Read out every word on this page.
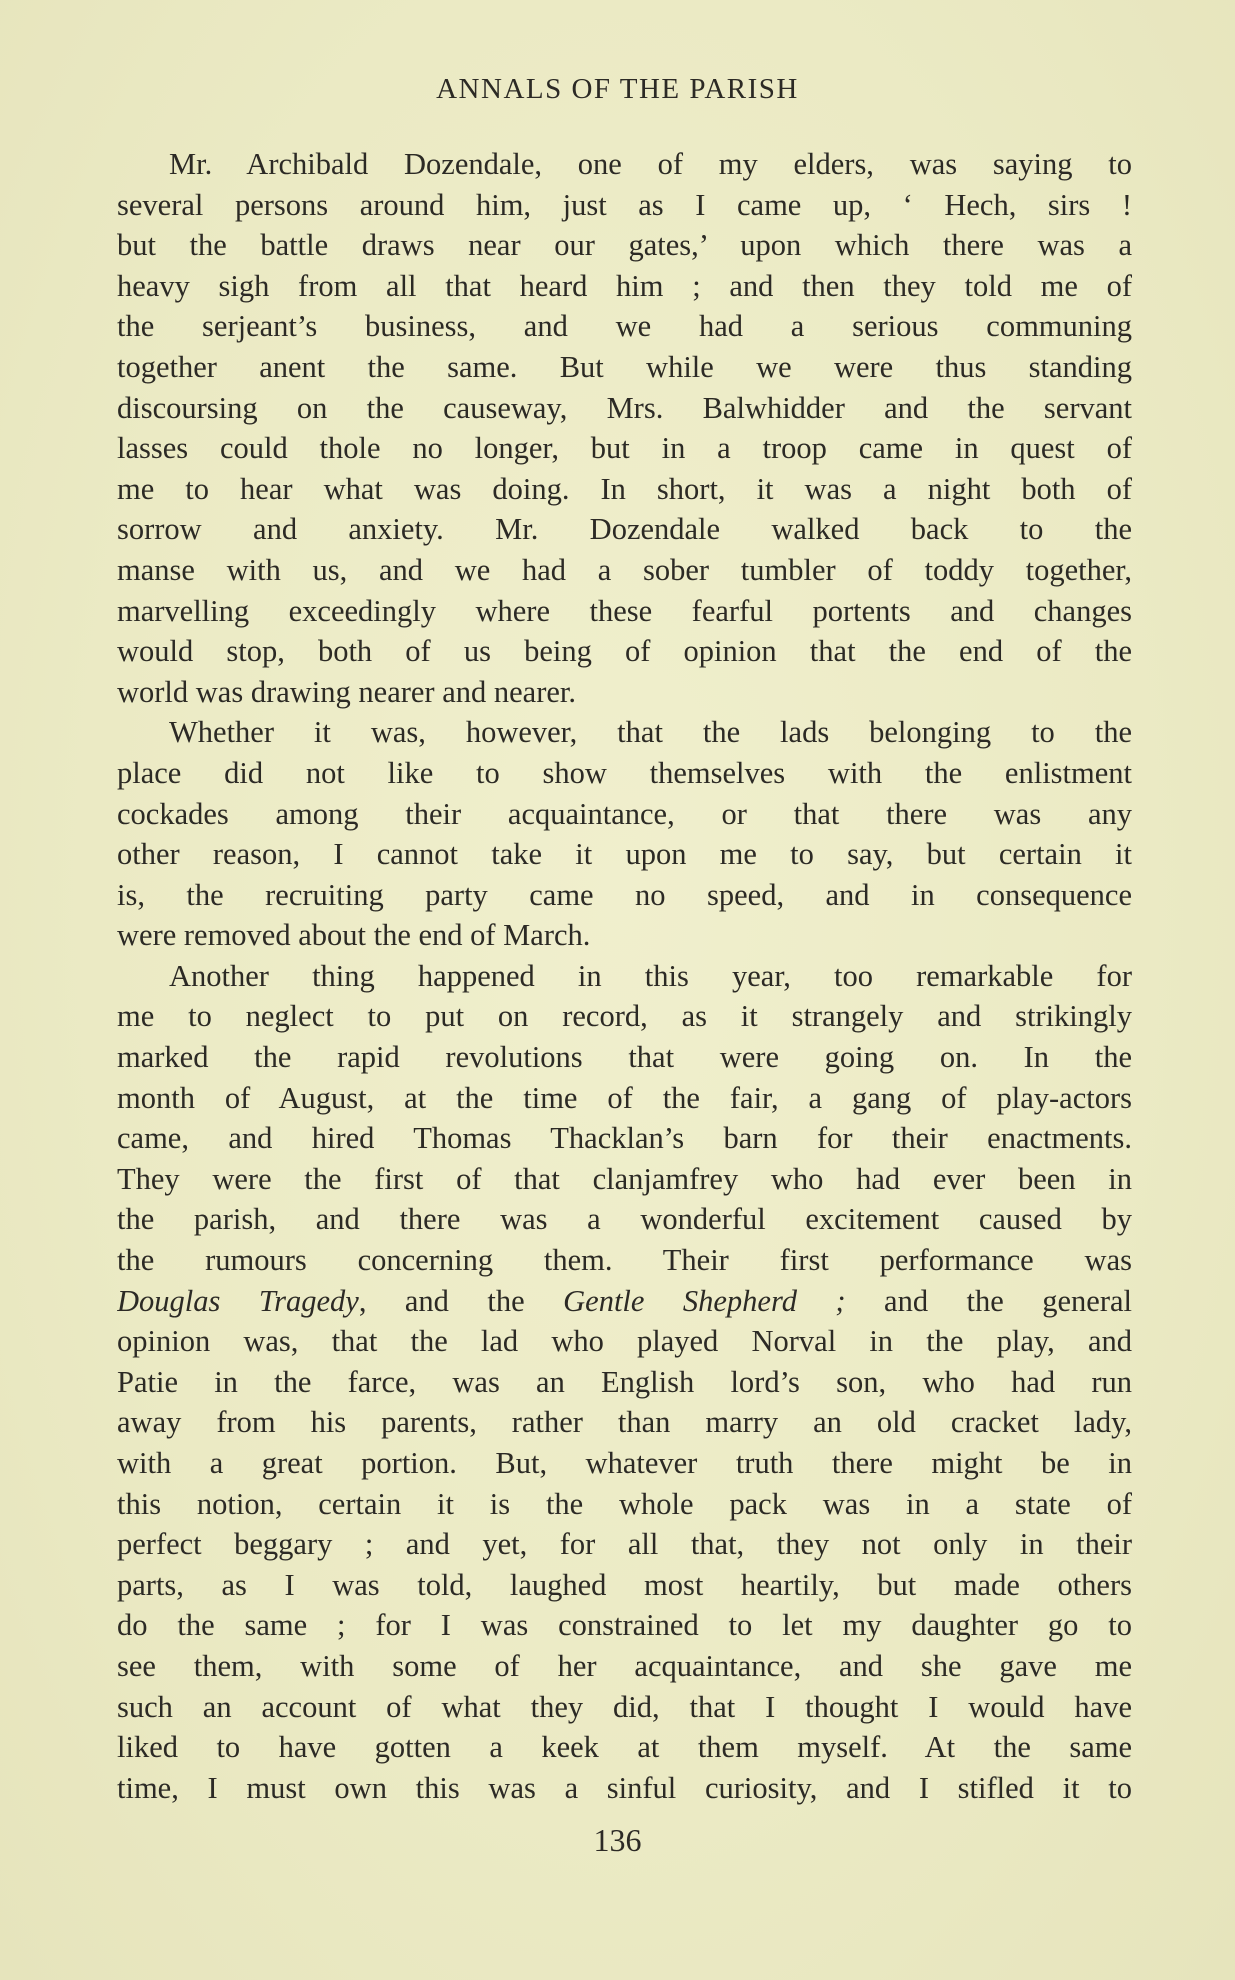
ANNALS OF THE PARISH
Mr. Archibald Dozendale, one of my elders, was saying to
several persons around him, just as I came up, ‘ Hech, sirs !
but the battle draws near our gates,’ upon which there was a
heavy sigh from all that heard him ; and then they told me of
the serjeant’s business, and we had a serious communing
together anent the same. But while we were thus standing
discoursing on the causeway, Mrs. Balwhidder and the servant
lasses could thole no longer, but in a troop came in quest of
me to hear what was doing. In short, it was a night both of
sorrow and anxiety. Mr. Dozendale walked back to the
manse with us, and we had a sober tumbler of toddy together,
marvelling exceedingly where these fearful portents and changes
would stop, both of us being of opinion that the end of the
world was drawing nearer and nearer.
Whether it was, however, that the lads belonging to the
place did not like to show themselves with the enlistment
cockades among their acquaintance, or that there was any
other reason, I cannot take it upon me to say, but certain it
is, the recruiting party came no speed, and in consequence
were removed about the end of March.
Another thing happened in this year, too remarkable for
me to neglect to put on record, as it strangely and strikingly
marked the rapid revolutions that were going on. In the
month of August, at the time of the fair, a gang of play-actors
came, and hired Thomas Thacklan’s barn for their enactments.
They were the first of that clanjamfrey who had ever been in
the parish, and there was a wonderful excitement caused by
the rumours concerning them. Their first performance was
Douglas Tragedy, and the Gentle Shepherd ; and the general
opinion was, that the lad who played Norval in the play, and
Patie in the farce, was an English lord’s son, who had run
away from his parents, rather than marry an old cracket lady,
with a great portion. But, whatever truth there might be in
this notion, certain it is the whole pack was in a state of
perfect beggary ; and yet, for all that, they not only in their
parts, as I was told, laughed most heartily, but made others
do the same ; for I was constrained to let my daughter go to
see them, with some of her acquaintance, and she gave me
such an account of what they did, that I thought I would have
liked to have gotten a keek at them myself. At the same
time, I must own this was a sinful curiosity, and I stifled it to
136
